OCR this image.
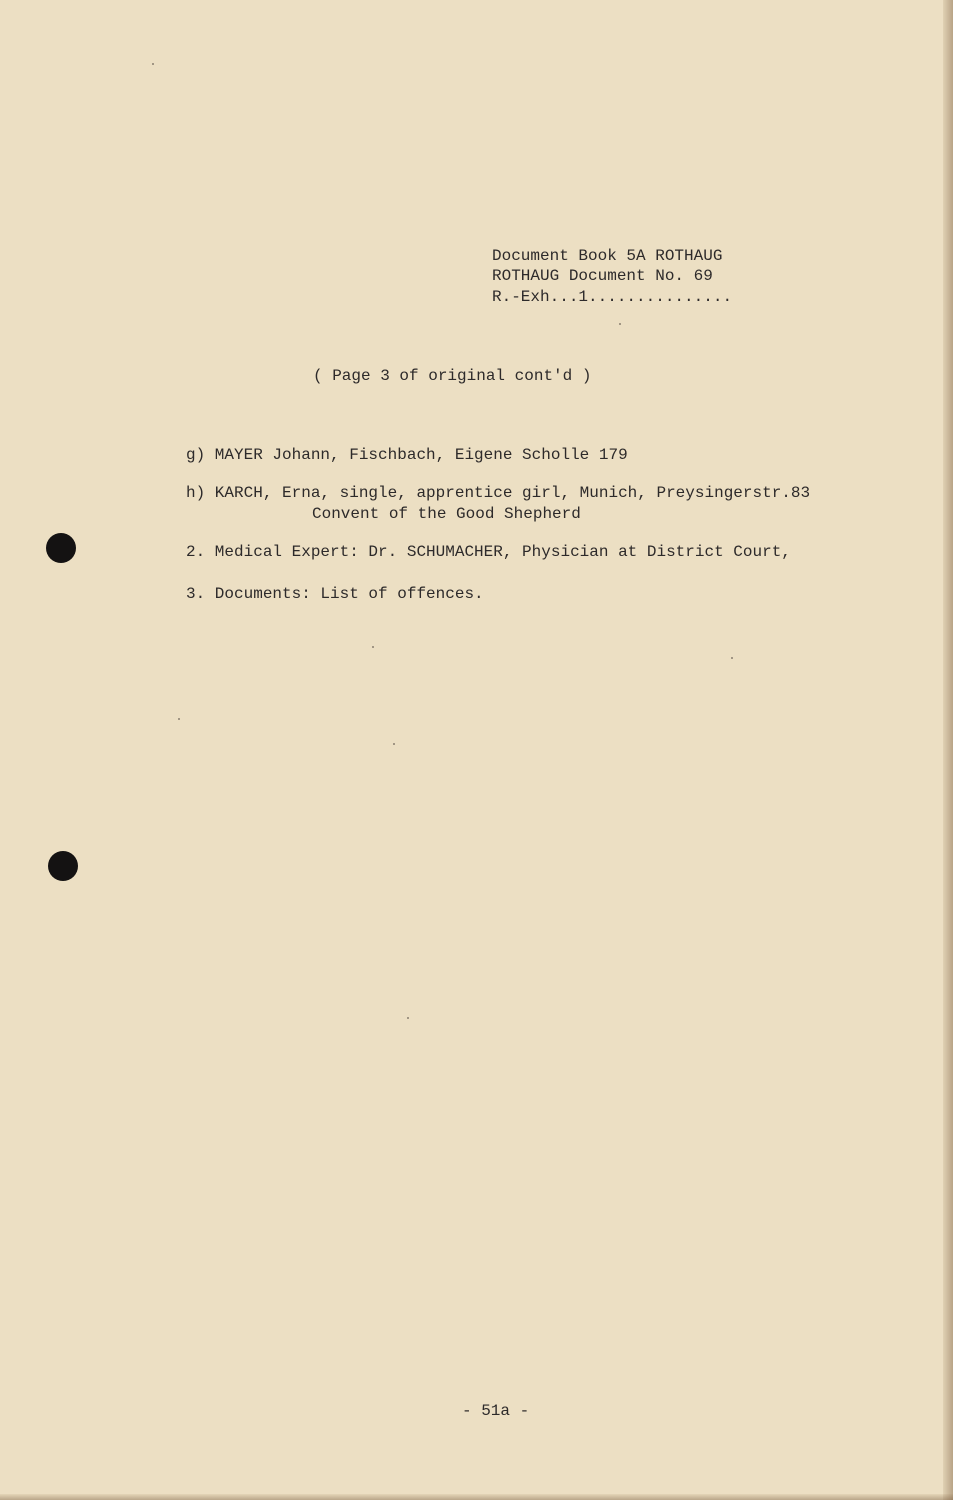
Document Book 5A ROTHAUG
ROTHAUG Document No. 69
R.-Exh...1...............
( Page 3 of original cont'd )
g) MAYER Johann, Fischbach, Eigene Scholle 179
h) KARCH, Erna, single, apprentice girl, Munich, Preysingerstr.83
Convent of the Good Shepherd
2. Medical Expert: Dr. SCHUMACHER, Physician at District Court,
3. Documents: List of offences.
- 51a -
